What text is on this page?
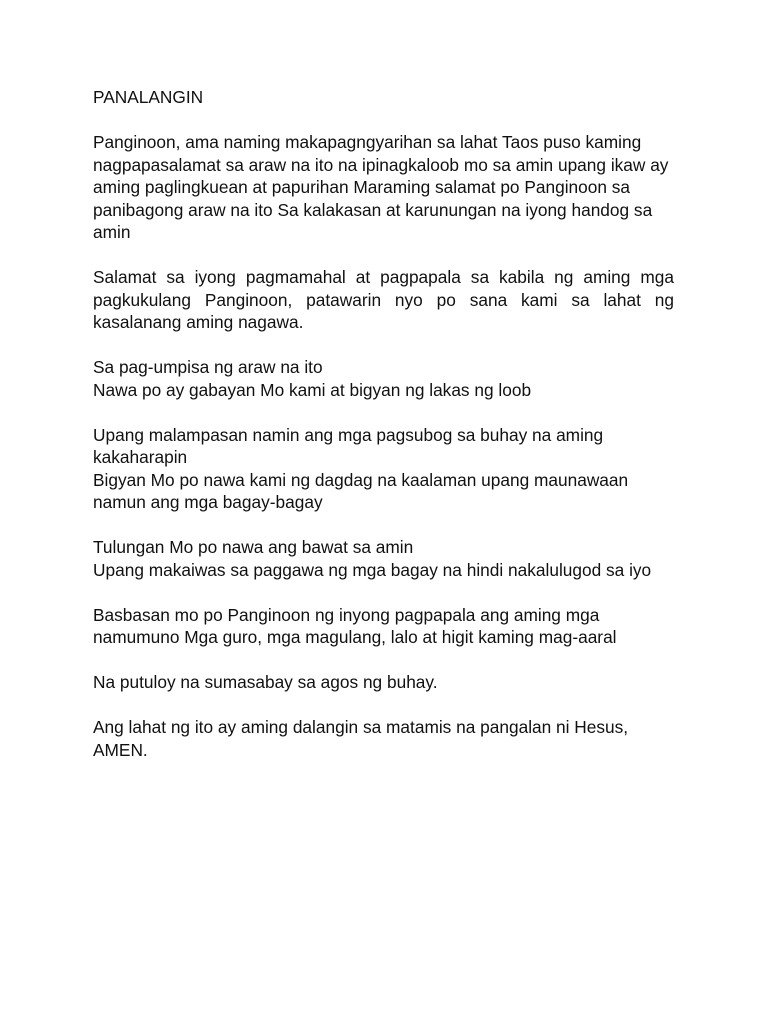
PANALANGIN
Panginoon, ama naming makapagngyarihan sa lahat Taos puso kaming nagpapasalamat sa araw na ito na ipinagkaloob mo sa amin upang ikaw ay aming paglingkuean at papurihan Maraming salamat po Panginoon sa panibagong araw na ito Sa kalakasan at karunungan na iyong handog sa amin
Salamat sa iyong pagmamahal at pagpapala sa kabila ng aming mga pagkukulang Panginoon, patawarin nyo po sana kami sa lahat ng kasalanang aming nagawa.
Sa pag-umpisa ng araw na ito
Nawa po ay gabayan Mo kami at bigyan ng lakas ng loob
Upang malampasan namin ang mga pagsubog sa buhay na aming kakaharapin
Bigyan Mo po nawa kami ng dagdag na kaalaman upang maunawaan namun ang mga bagay-bagay
Tulungan Mo po nawa ang bawat sa amin
Upang makaiwas sa paggawa ng mga bagay na hindi nakalulugod sa iyo
Basbasan mo po Panginoon ng inyong pagpapala ang aming mga namumuno Mga guro, mga magulang, lalo at higit kaming mag-aaral
Na putuloy na sumasabay sa agos ng buhay.
Ang lahat ng ito ay aming dalangin sa matamis na pangalan ni Hesus, AMEN.
